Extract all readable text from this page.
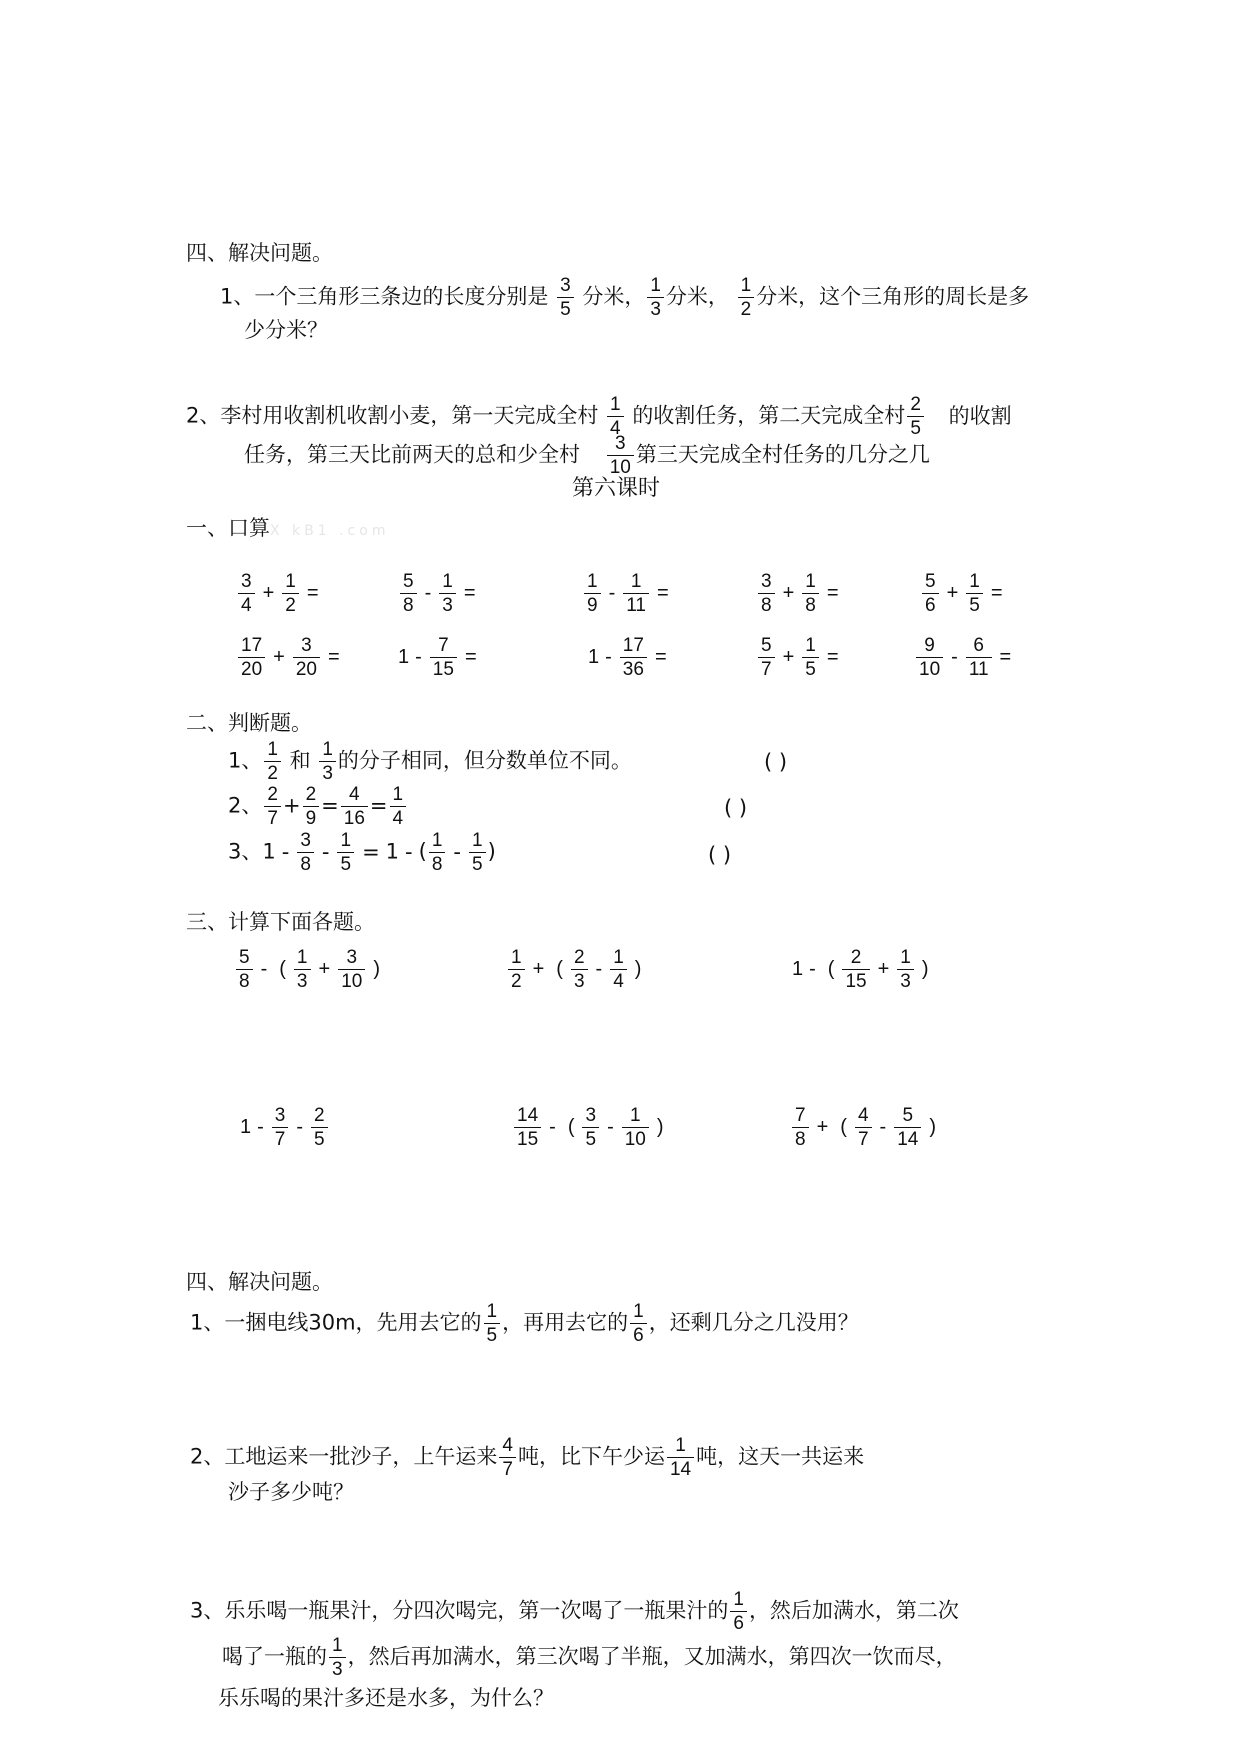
四、解决问题。
1、一个三角形三条边的长度分别是 $\frac{3}{5}$ 分米， $\frac{1}{3}$ 分米， $\frac{1}{2}$ 分米，这个三角形的周长是多
少分米？
2、李村用收割机收割小麦，第一天完成全村 $\frac{1}{4}$ 的收割任务，第二天完成全村 $\frac{2}{5}$ 的收割
任务，第三天比前两天的总和少全村 $\frac{3}{10}$ 第三天完成全村任务的几分之几
第六课时
一、口算X kB1 .com
$\frac{3}{4} + \frac{1}{2}$ =	$\frac{5}{8} - \frac{1}{3}$ =	$\frac{1}{9} - \frac{1}{11}$ =	$\frac{3}{8} + \frac{1}{8}$ =	$\frac{5}{6} + \frac{1}{5}$ =
$\frac{17}{20} + \frac{3}{20}$ =	$1 - \frac{7}{15}$ =	$1 - \frac{17}{36}$ =	$\frac{5}{7} + \frac{1}{5}$ =	$\frac{9}{10} - \frac{6}{11}$ =
二、判断题。
1、 $\frac{1}{2}$ 和 $\frac{1}{3}$ 的分子相同，但分数单位不同。	( )
2、 $\frac{2}{7} + \frac{2}{9} = \frac{4}{16} = \frac{1}{4}$	( )
3、$1 - \frac{3}{8} - \frac{1}{5} = 1$ - ( $\frac{1}{8} - \frac{1}{5}$ )	( )
三、计算下面各题。
$\frac{5}{8}$ - ( $\frac{1}{3} + \frac{3}{10}$ )	$\frac{1}{2}$ + ( $\frac{2}{3} - \frac{1}{4}$ )	1 - ( $\frac{2}{15} + \frac{1}{3}$ )
$1 - \frac{3}{7} - \frac{2}{5}$	$\frac{14}{15}$ - ( $\frac{3}{5} - \frac{1}{10}$ )	$\frac{7}{8}$ + ( $\frac{4}{7} - \frac{5}{14}$ )
四、解决问题。
1、一捆电线30m，先用去它的 $\frac{1}{5}$ ，再用去它的 $\frac{1}{6}$ ，还剩几分之几没用？
2、工地运来一批沙子，上午运来 $\frac{4}{7}$ 吨，比下午少运 $\frac{1}{14}$ 吨，这天一共运来
沙子多少吨？
3、乐乐喝一瓶果汁，分四次喝完，第一次喝了一瓶果汁的 $\frac{1}{6}$ ，然后加满水，第二次
喝了一瓶的 $\frac{1}{3}$ ，然后再加满水，第三次喝了半瓶，又加满水，第四次一饮而尽，
乐乐喝的果汁多还是水多，为什么？
